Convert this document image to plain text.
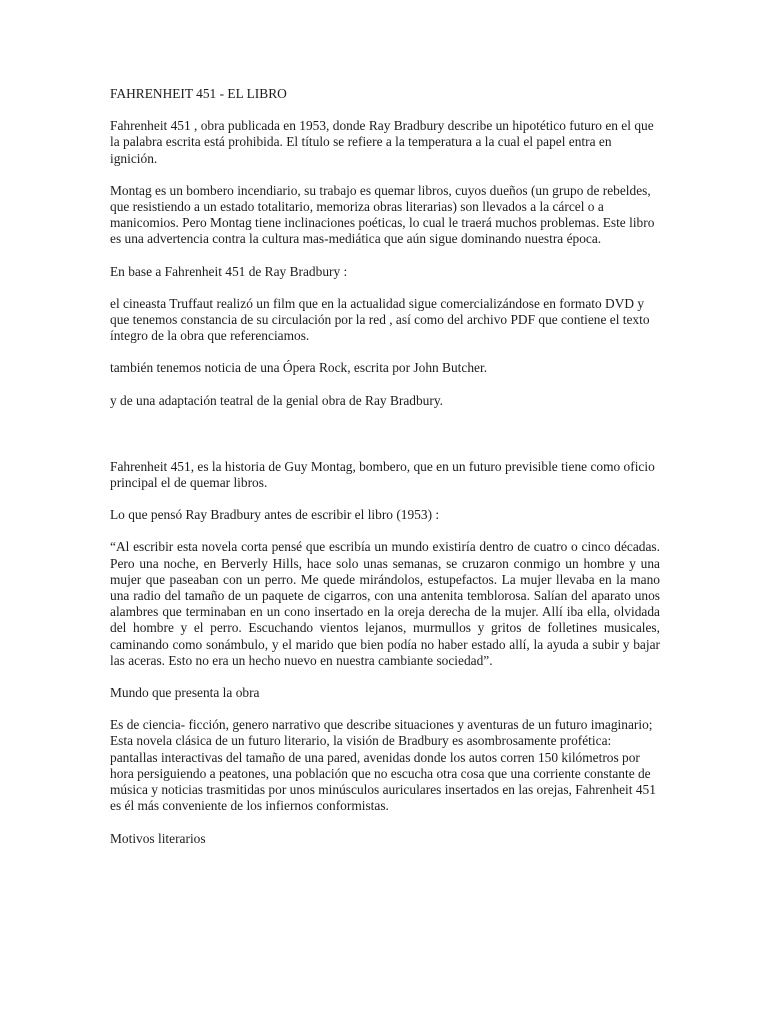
FAHRENHEIT 451 - EL LIBRO

Fahrenheit 451 , obra publicada en 1953, donde Ray Bradbury describe un hipotético futuro en el que la palabra escrita está prohibida. El título se refiere a la temperatura a la cual el papel entra en ignición.

Montag es un bombero incendiario, su trabajo es quemar libros, cuyos dueños (un grupo de rebeldes, que resistiendo a un estado totalitario, memoriza obras literarias) son llevados a la cárcel o a manicomios. Pero Montag tiene inclinaciones poéticas, lo cual le traerá muchos problemas. Este libro es una advertencia contra la cultura mas-mediática que aún sigue dominando nuestra época.

En base a Fahrenheit 451 de Ray Bradbury :

el cineasta Truffaut realizó un film que en la actualidad sigue comercializándose en formato DVD y que tenemos constancia de su circulación por la red , así como del archivo PDF que contiene el texto íntegro de la obra que referenciamos.

también tenemos noticia de una Ópera Rock, escrita por John Butcher.

y de una adaptación teatral de la genial obra de Ray Bradbury.

Fahrenheit 451, es la historia de Guy Montag, bombero, que en un futuro previsible tiene como oficio principal el de quemar libros.

Lo que pensó Ray Bradbury antes de escribir el libro (1953) :

“Al escribir esta novela corta pensé que escribía un mundo existiría dentro de cuatro o cinco décadas. Pero una noche, en Berverly Hills, hace solo unas semanas, se cruzaron conmigo un hombre y una mujer que paseaban con un perro. Me quede mirándolos, estupefactos. La mujer llevaba en la mano una radio del tamaño de un paquete de cigarros, con una antenita temblorosa. Salían del aparato unos alambres que terminaban en un cono insertado en la oreja derecha de la mujer. Allí iba ella, olvidada del hombre y el perro. Escuchando vientos lejanos, murmullos y gritos de folletines musicales, caminando como sonámbulo, y el marido que bien podía no haber estado allí, la ayuda a subir y bajar las aceras. Esto no era un hecho nuevo en nuestra cambiante sociedad”.

Mundo que presenta la obra

Es de ciencia- ficción, genero narrativo que describe situaciones y aventuras de un futuro imaginario; Esta novela clásica de un futuro literario, la visión de Bradbury es asombrosamente profética: pantallas interactivas del tamaño de una pared, avenidas donde los autos corren 150 kilómetros por hora persiguiendo a peatones, una población que no escucha otra cosa que una corriente constante de música y noticias trasmitidas por unos minúsculos auriculares insertados en las orejas, Fahrenheit 451 es él más conveniente de los infiernos conformistas.

Motivos literarios
